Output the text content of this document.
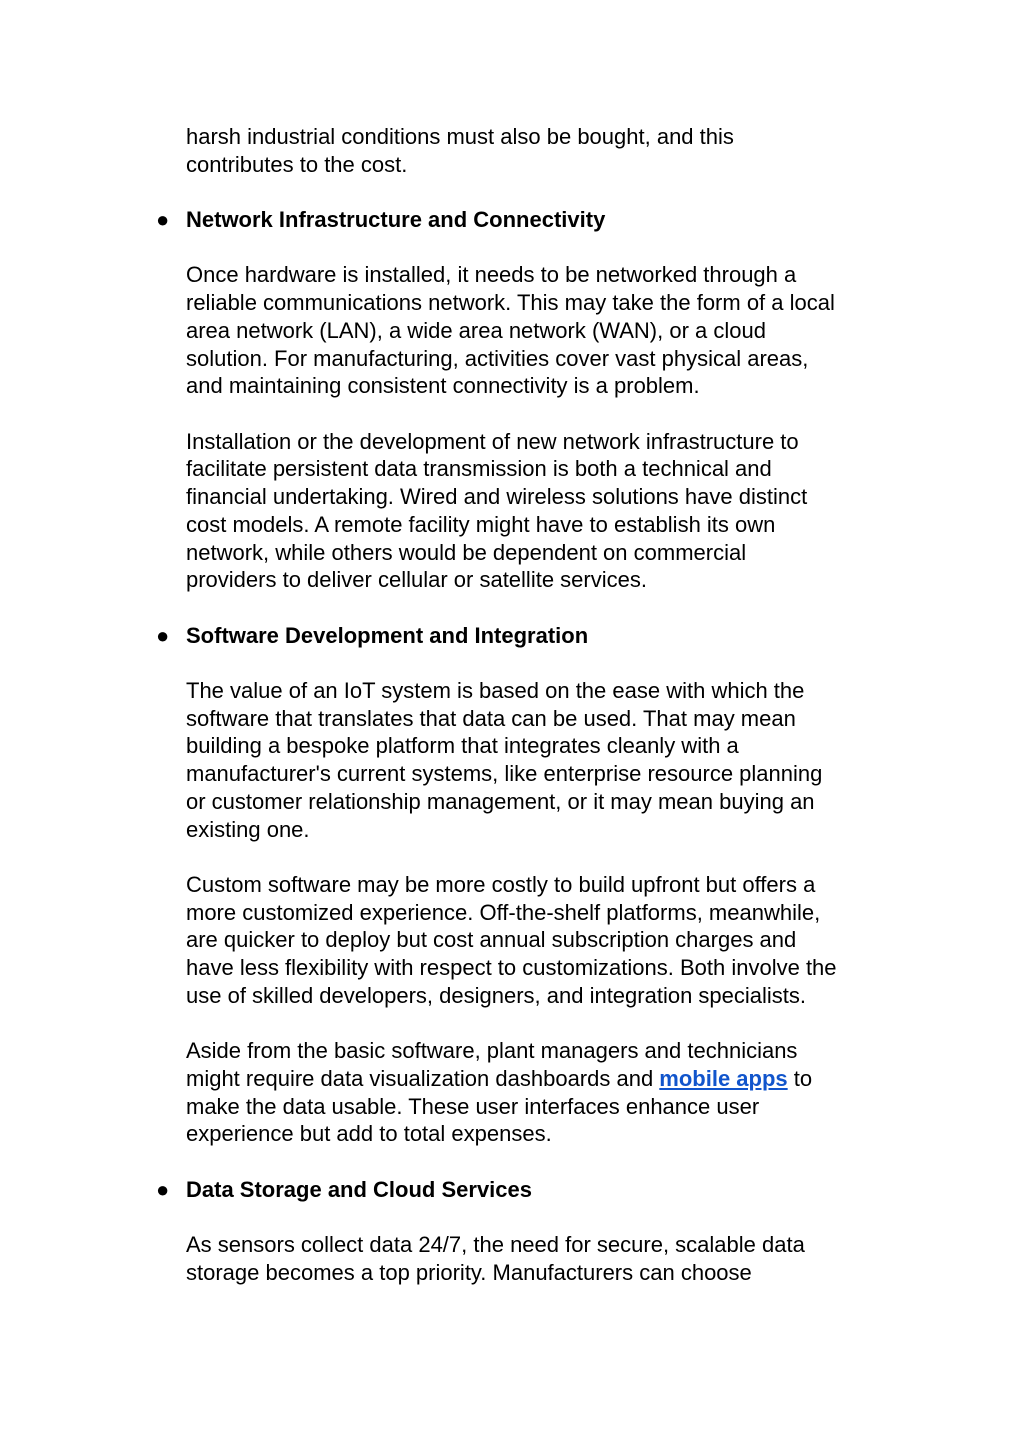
harsh industrial conditions must also be bought, and this
contributes to the cost.

● Network Infrastructure and Connectivity

Once hardware is installed, it needs to be networked through a
reliable communications network. This may take the form of a local
area network (LAN), a wide area network (WAN), or a cloud
solution. For manufacturing, activities cover vast physical areas,
and maintaining consistent connectivity is a problem.

Installation or the development of new network infrastructure to
facilitate persistent data transmission is both a technical and
financial undertaking. Wired and wireless solutions have distinct
cost models. A remote facility might have to establish its own
network, while others would be dependent on commercial
providers to deliver cellular or satellite services.

● Software Development and Integration

The value of an IoT system is based on the ease with which the
software that translates that data can be used. That may mean
building a bespoke platform that integrates cleanly with a
manufacturer's current systems, like enterprise resource planning
or customer relationship management, or it may mean buying an
existing one.

Custom software may be more costly to build upfront but offers a
more customized experience. Off-the-shelf platforms, meanwhile,
are quicker to deploy but cost annual subscription charges and
have less flexibility with respect to customizations. Both involve the
use of skilled developers, designers, and integration specialists.

Aside from the basic software, plant managers and technicians
might require data visualization dashboards and mobile apps to
make the data usable. These user interfaces enhance user
experience but add to total expenses.

● Data Storage and Cloud Services

As sensors collect data 24/7, the need for secure, scalable data
storage becomes a top priority. Manufacturers can choose
